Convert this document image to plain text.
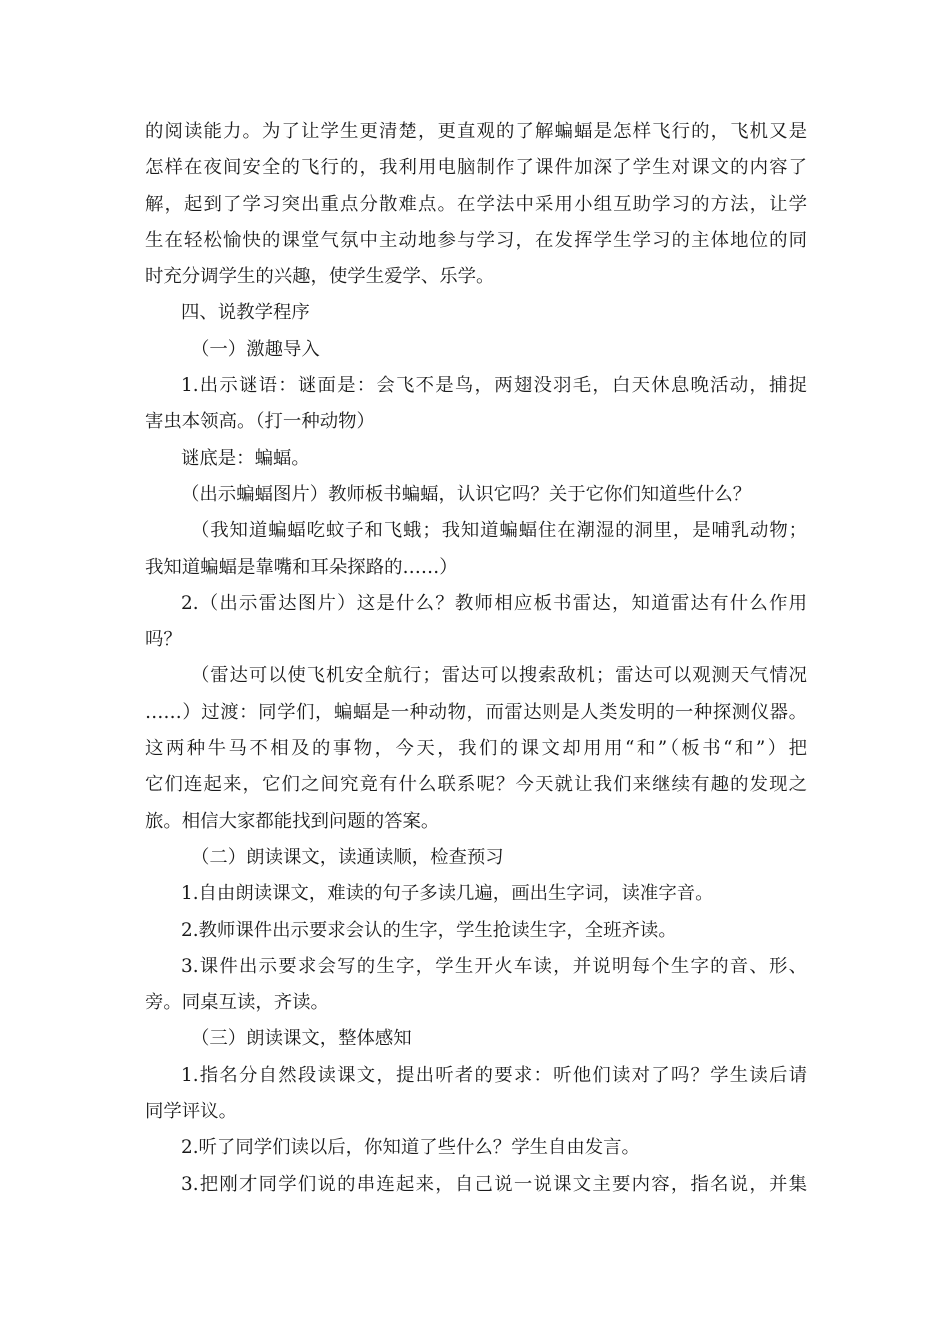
的阅读能力。为了让学生更清楚，更直观的了解蝙蝠是怎样飞行的，飞机又是
怎样在夜间安全的飞行的，我利用电脑制作了课件加深了学生对课文的内容了
解，起到了学习突出重点分散难点。在学法中采用小组互助学习的方法，让学
生在轻松愉快的课堂气氛中主动地参与学习，在发挥学生学习的主体地位的同
时充分调学生的兴趣，使学生爱学、乐学。
四、说教学程序
（一）激趣导入
1.出示谜语：谜面是：会飞不是鸟，两翅没羽毛，白天休息晚活动，捕捉
害虫本领高。（打一种动物）
谜底是：蝙蝠。
（出示蝙蝠图片）教师板书蝙蝠，认识它吗？关于它你们知道些什么？
（我知道蝙蝠吃蚊子和飞蛾；我知道蝙蝠住在潮湿的洞里，是哺乳动物；
我知道蝙蝠是靠嘴和耳朵探路的……）
2.（出示雷达图片）这是什么？教师相应板书雷达，知道雷达有什么作用
吗？
（雷达可以使飞机安全航行；雷达可以搜索敌机；雷达可以观测天气情况
……）过渡：同学们，蝙蝠是一种动物，而雷达则是人类发明的一种探测仪器。
这两种牛马不相及的事物，今天，我们的课文却用用“和”（板书“和”）把
它们连起来，它们之间究竟有什么联系呢？今天就让我们来继续有趣的发现之
旅。相信大家都能找到问题的答案。
（二）朗读课文，读通读顺，检查预习
1.自由朗读课文，难读的句子多读几遍，画出生字词，读准字音。
2.教师课件出示要求会认的生字，学生抢读生字，全班齐读。
3.课件出示要求会写的生字，学生开火车读，并说明每个生字的音、形、
旁。同桌互读，齐读。
（三）朗读课文，整体感知
1.指名分自然段读课文，提出听者的要求：听他们读对了吗？学生读后请
同学评议。
2.听了同学们读以后，你知道了些什么？学生自由发言。
3.把刚才同学们说的串连起来，自己说一说课文主要内容，指名说，并集
